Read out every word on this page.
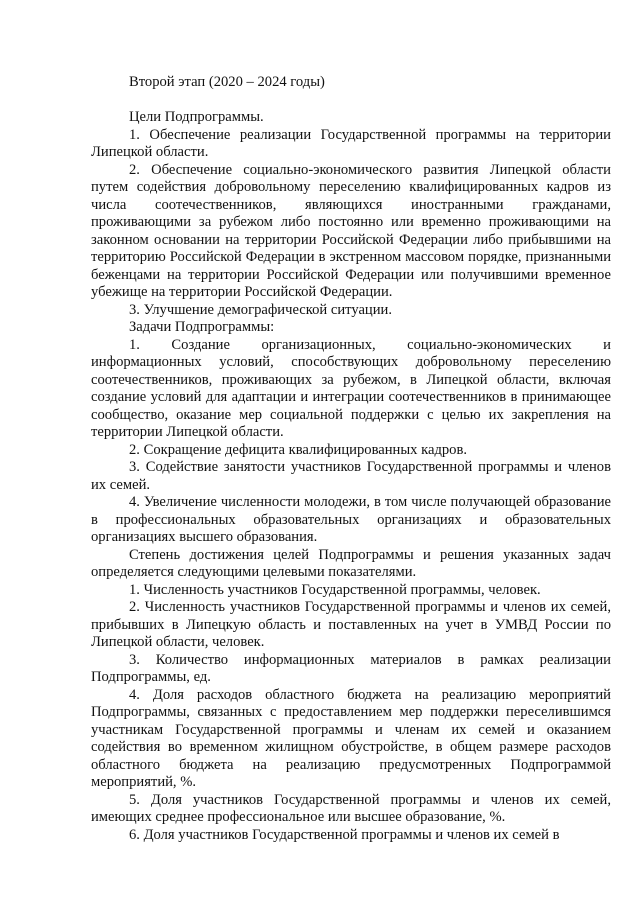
Второй этап (2020 – 2024 годы)

Цели Подпрограммы.

1. Обеспечение реализации Государственной программы на территории Липецкой области.

2. Обеспечение социально-экономического развития Липецкой области путем содействия добровольному переселению квалифицированных кадров из числа соотечественников, являющихся иностранными гражданами, проживающими за рубежом либо постоянно или временно проживающими на законном основании на территории Российской Федерации либо прибывшими на территорию Российской Федерации в экстренном массовом порядке, признанными беженцами на территории Российской Федерации или получившими временное убежище на территории Российской Федерации.

3. Улучшение демографической ситуации.

Задачи Подпрограммы:

1. Создание организационных, социально-экономических и информационных условий, способствующих добровольному переселению соотечественников, проживающих за рубежом, в Липецкой области, включая создание условий для адаптации и интеграции соотечественников в принимающее сообщество, оказание мер социальной поддержки с целью их закрепления на территории Липецкой области.

2. Сокращение дефицита квалифицированных кадров.

3. Содействие занятости участников Государственной программы и членов их семей.

4. Увеличение численности молодежи, в том числе получающей образование в профессиональных образовательных организациях и образовательных организациях высшего образования.

Степень достижения целей Подпрограммы и решения указанных задач определяется следующими целевыми показателями.

1. Численность участников Государственной программы, человек.

2. Численность участников Государственной программы и членов их семей, прибывших в Липецкую область и поставленных на учет в УМВД России по Липецкой области, человек.

3. Количество информационных материалов в рамках реализации Подпрограммы, ед.

4. Доля расходов областного бюджета на реализацию мероприятий Подпрограммы, связанных с предоставлением мер поддержки переселившимся участникам Государственной программы и членам их семей и оказанием содействия во временном жилищном обустройстве, в общем размере расходов областного бюджета на реализацию предусмотренных Подпрограммой мероприятий, %.

5. Доля участников Государственной программы и членов их семей, имеющих среднее профессиональное или высшее образование, %.

6. Доля участников Государственной программы и членов их семей в
